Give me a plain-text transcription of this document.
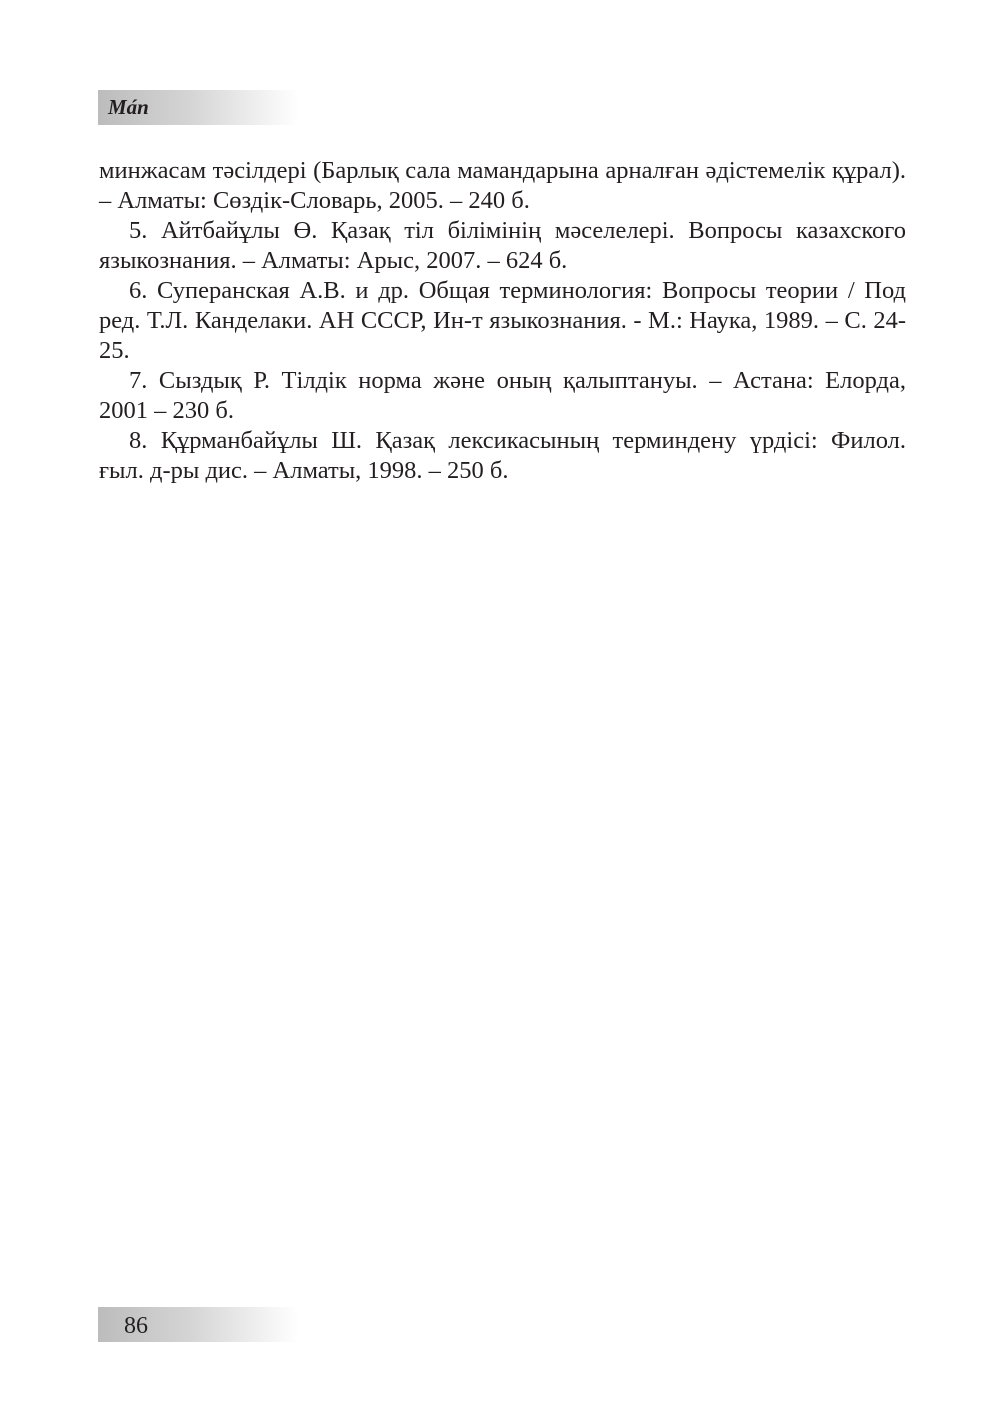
Mán

минжасам тәсілдері (Барлық сала мамандарына арналған әдістемелік құрал). – Алматы: Сөздік-Словарь, 2005. – 240 б.

5. Айтбайұлы Ө. Қазақ тіл білімінің мәселелері. Вопросы казахского языкознания. – Алматы: Арыс, 2007. – 624 б.

6. Суперанская А.В. и др. Общая терминология: Вопросы теории / Под ред. Т.Л. Канделаки. АН СССР, Ин-т языкознания. - М.: Наука, 1989. – С. 24-25.

7. Сыздық Р. Тілдік норма және оның қалыптануы. – Астана: Елорда, 2001 – 230 б.

8. Құрманбайұлы Ш. Қазақ лексикасының терминдену үрдісі: Филол. ғыл. д-ры дис. – Алматы, 1998. – 250 б.

86
